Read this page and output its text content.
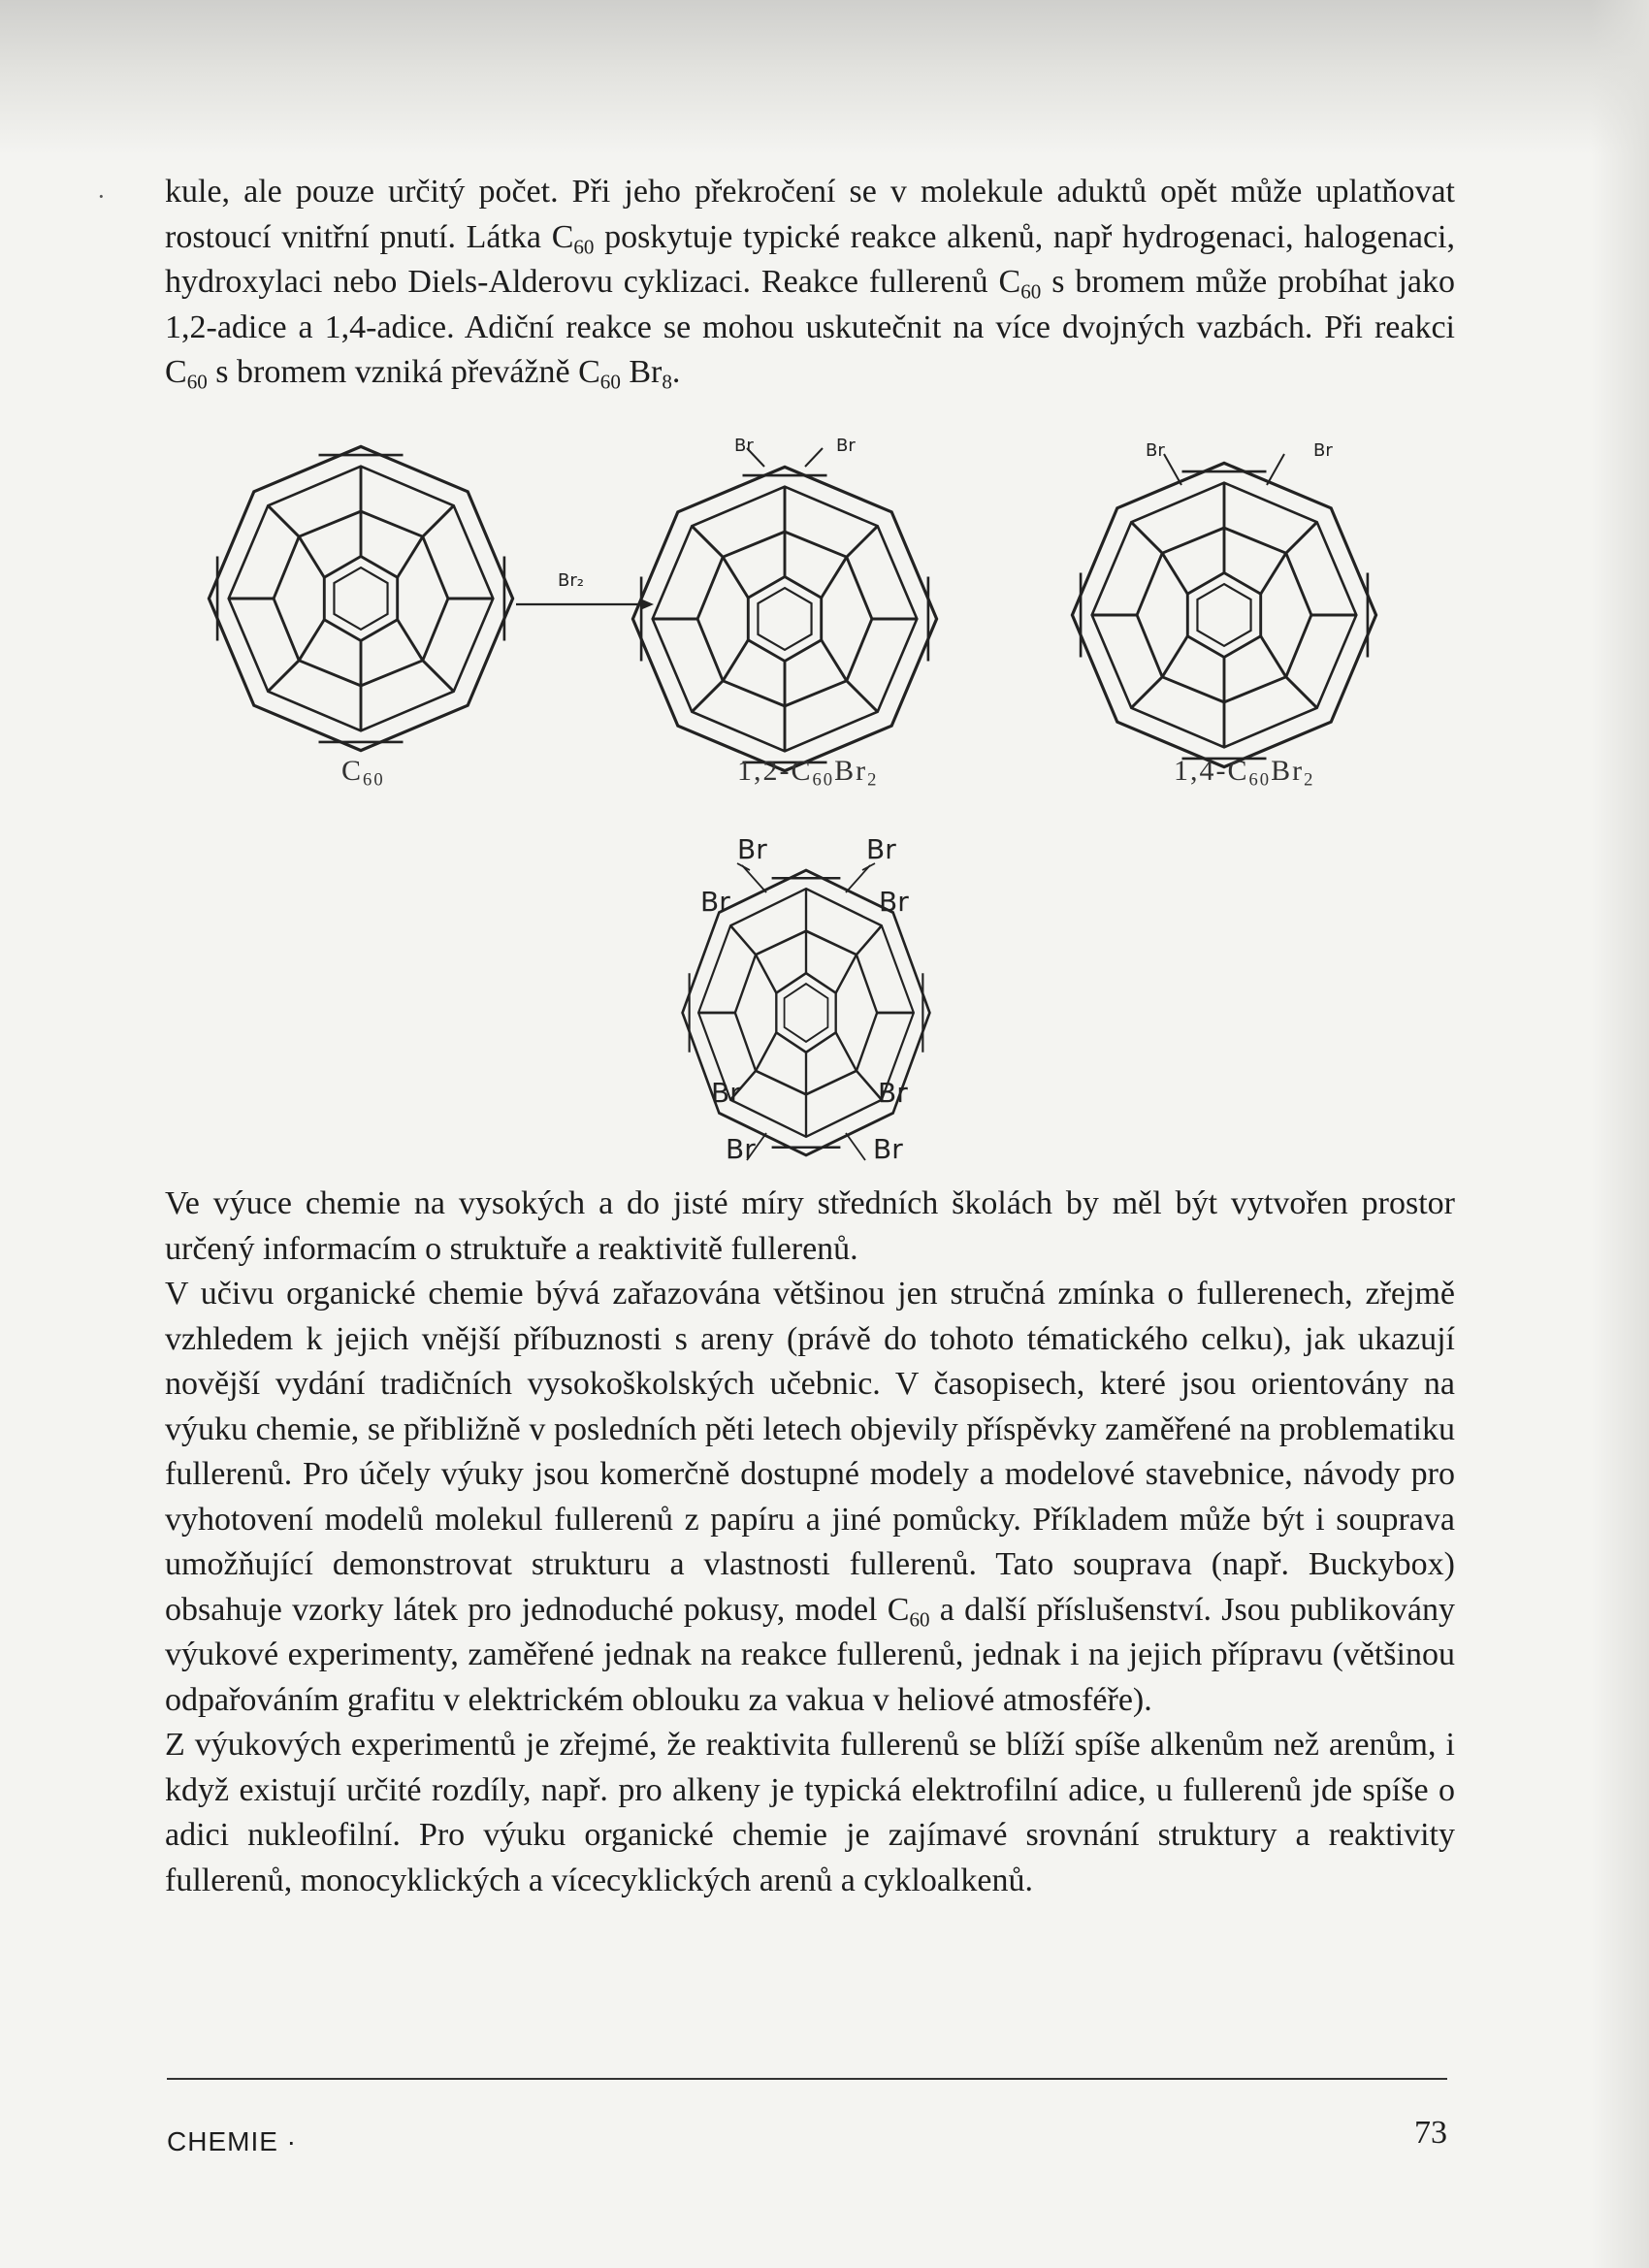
· kule, ale pouze určitý počet. Při jeho překročení se v molekule aduktů opět může uplatňovat rostoucí vnitřní pnutí. Látka $C_{60}$ poskytuje typické reakce alkenů, např hydrogenaci, halogenaci, hydroxylaci nebo Diels-Alderovu cyklizaci. Reakce fullerenů $C_{60}$ s bromem může probíhat jako 1,2-adice a 1,4-adice. Adiční reakce se mohou uskutečnit na více dvojných vazbách. Při reakci $C_{60}$ s bromem vzniká převážně $C_{60}$ $Br_8$.

Br₂
Br	Br	Br	Br
Br	Br
Br	Br
Br	Br
Br	Br
$C_{60}$	$1,2-C_{60}Br_2$	$1,4-C_{60}Br_2$

Ve výuce chemie na vysokých a do jisté míry středních školách by měl být vytvořen prostor určený informacím o struktuře a reaktivitě fullerenů.

V učivu organické chemie bývá zařazována většinou jen stručná zmínka o fullerenech, zřejmě vzhledem k jejich vnější příbuznosti s areny (právě do tohoto tématického celku), jak ukazují novější vydání tradičních vysokoškolských učebnic. V časopisech, které jsou orientovány na výuku chemie, se přibližně v posledních pěti letech objevily příspěvky zaměřené na problematiku fullerenů. Pro účely výuky jsou komerčně dostupné modely a modelové stavebnice, návody pro vyhotovení modelů molekul fullerenů z papíru a jiné pomůcky. Příkladem může být i souprava umožňující demonstrovat strukturu a vlastnosti fullerenů. Tato souprava (např. Buckybox) obsahuje vzorky látek pro jednoduché pokusy, model $C_{60}$ a další příslušenství. Jsou publikovány výukové experimenty, zaměřené jednak na reakce fullerenů, jednak i na jejich přípravu (většinou odpařováním grafitu v elektrickém oblouku za vakua v heliové atmosféře).

Z výukových experimentů je zřejmé, že reaktivita fullerenů se blíží spíše alkenům než arenům, i když existují určité rozdíly, např. pro alkeny je typická elektrofilní adice, u fullerenů jde spíše o adici nukleofilní. Pro výuku organické chemie je zajímavé srovnání struktury a reaktivity fullerenů, monocyklických a vícecyklických arenů a cykloalkenů.

CHEMIE ·	73
